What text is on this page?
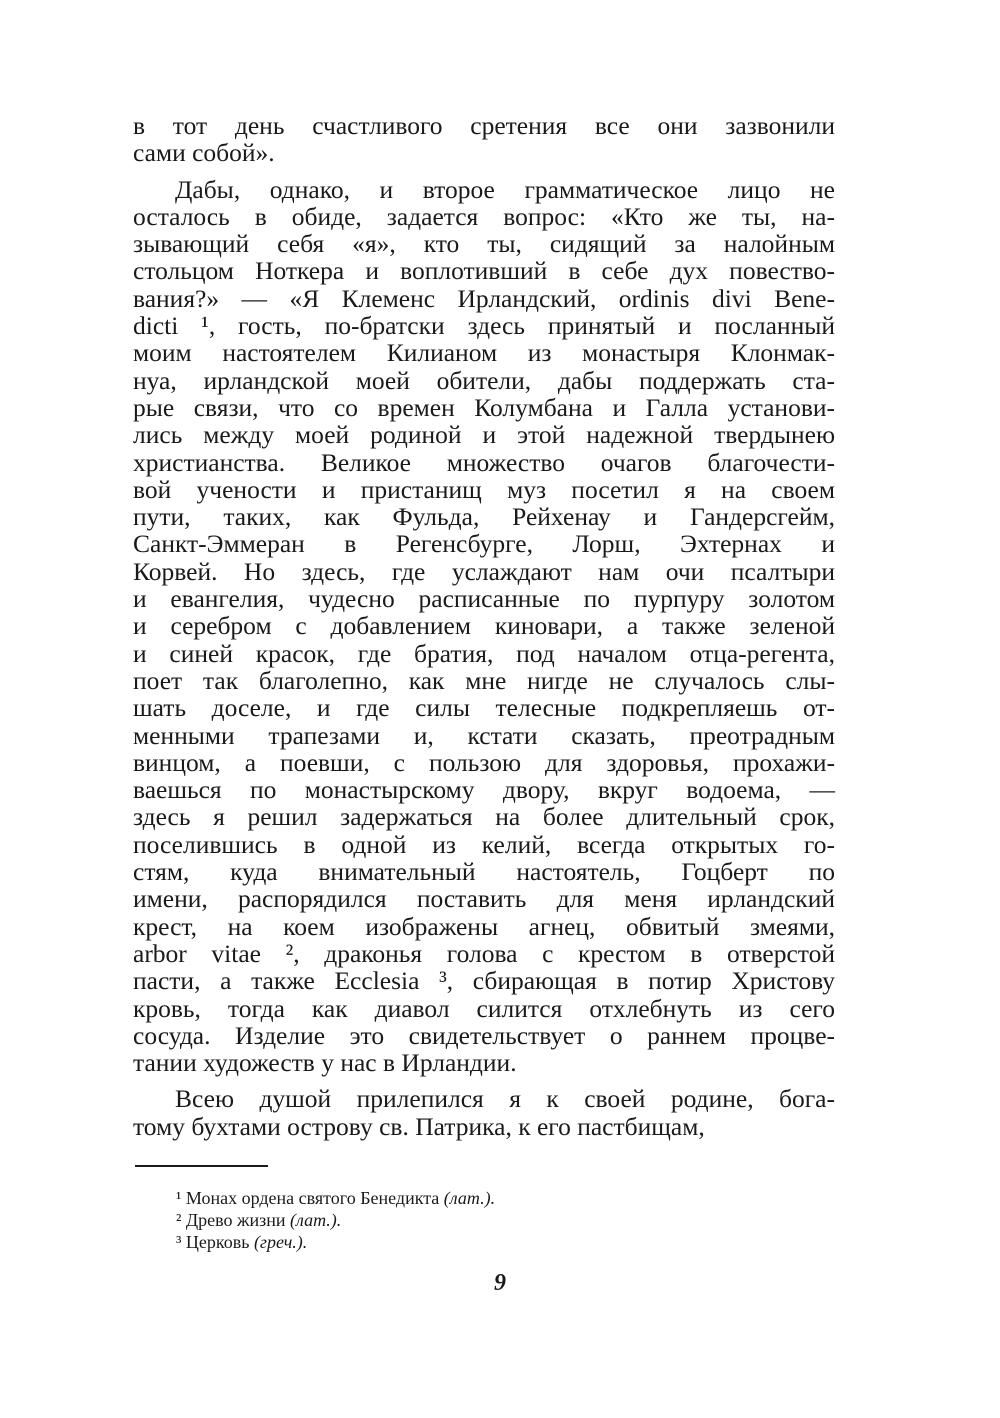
в тот день счастливого сретения все они зазвонили
сами собой».
Дабы, однако, и второе грамматическое лицо не
осталось в обиде, задается вопрос: «Кто же ты, на-
зывающий себя «я», кто ты, сидящий за налойным
стольцом Ноткера и воплотивший в себе дух повество-
вания?» — «Я Клеменс Ирландский, ordinis divi Bene-
dicti ¹, гость, по-братски здесь принятый и посланный
моим настоятелем Килианом из монастыря Клонмак-
нуа, ирландской моей обители, дабы поддержать ста-
рые связи, что со времен Колумбана и Галла установи-
лись между моей родиной и этой надежной твердынею
христианства. Великое множество очагов благочести-
вой учености и пристанищ муз посетил я на своем
пути, таких, как Фульда, Рейхенау и Гандерсгейм,
Санкт-Эммеран в Регенсбурге, Лорш, Эхтернах и
Корвей. Но здесь, где услаждают нам очи псалтыри
и евангелия, чудесно расписанные по пурпуру золотом
и серебром с добавлением киновари, а также зеленой
и синей красок, где братия, под началом отца-регента,
поет так благолепно, как мне нигде не случалось слы-
шать доселе, и где силы телесные подкрепляешь от-
менными трапезами и, кстати сказать, преотрадным
винцом, а поевши, с пользою для здоровья, прохажи-
ваешься по монастырскому двору, вкруг водоема, —
здесь я решил задержаться на более длительный срок,
поселившись в одной из келий, всегда открытых го-
стям, куда внимательный настоятель, Гоцберт по
имени, распорядился поставить для меня ирландский
крест, на коем изображены агнец, обвитый змеями,
arbor vitae ², драконья голова с крестом в отверстой
пасти, а также Ecclesia ³, сбирающая в потир Христову
кровь, тогда как диавол силится отхлебнуть из сего
сосуда. Изделие это свидетельствует о раннем процве-
тании художеств у нас в Ирландии.
Всею душой прилепился я к своей родине, бога-
тому бухтами острову св. Патрика, к его пастбищам,
¹ Монах ордена святого Бенедикта (лат.).
² Древо жизни (лат.).
³ Церковь (греч.).
9
